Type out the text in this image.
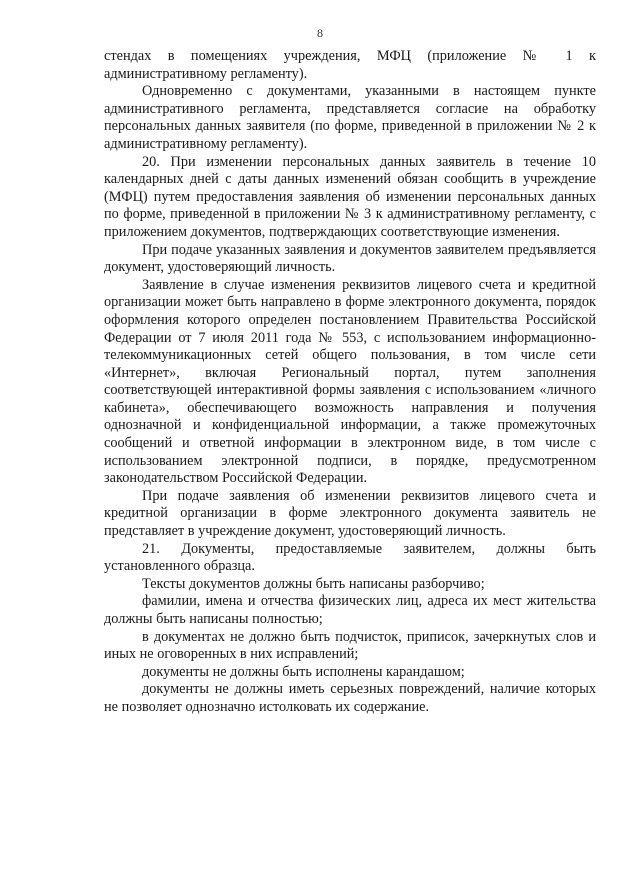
8

стендах в помещениях учреждения, МФЦ (приложение № 1 к административному регламенту).

Одновременно с документами, указанными в настоящем пункте административного регламента, представляется согласие на обработку персональных данных заявителя (по форме, приведенной в приложении № 2 к административному регламенту).

20. При изменении персональных данных заявитель в течение 10 календарных дней с даты данных изменений обязан сообщить в учреждение (МФЦ) путем предоставления заявления об изменении персональных данных по форме, приведенной в приложении № 3 к административному регламенту, с приложением документов, подтверждающих соответствующие изменения.

При подаче указанных заявления и документов заявителем предъявляется документ, удостоверяющий личность.

Заявление в случае изменения реквизитов лицевого счета и кредитной организации может быть направлено в форме электронного документа, порядок оформления которого определен постановлением Правительства Российской Федерации от 7 июля 2011 года № 553, с использованием информационно-телекоммуникационных сетей общего пользования, в том числе сети «Интернет», включая Региональный портал, путем заполнения соответствующей интерактивной формы заявления с использованием «личного кабинета», обеспечивающего возможность направления и получения однозначной и конфиденциальной информации, а также промежуточных сообщений и ответной информации в электронном виде, в том числе с использованием электронной подписи, в порядке, предусмотренном законодательством Российской Федерации.

При подаче заявления об изменении реквизитов лицевого счета и кредитной организации в форме электронного документа заявитель не представляет в учреждение документ, удостоверяющий личность.

21. Документы, предоставляемые заявителем, должны быть установленного образца.

Тексты документов должны быть написаны разборчиво;

фамилии, имена и отчества физических лиц, адреса их мест жительства должны быть написаны полностью;

в документах не должно быть подчисток, приписок, зачеркнутых слов и иных не оговоренных в них исправлений;

документы не должны быть исполнены карандашом;

документы не должны иметь серьезных повреждений, наличие которых не позволяет однозначно истолковать их содержание.
